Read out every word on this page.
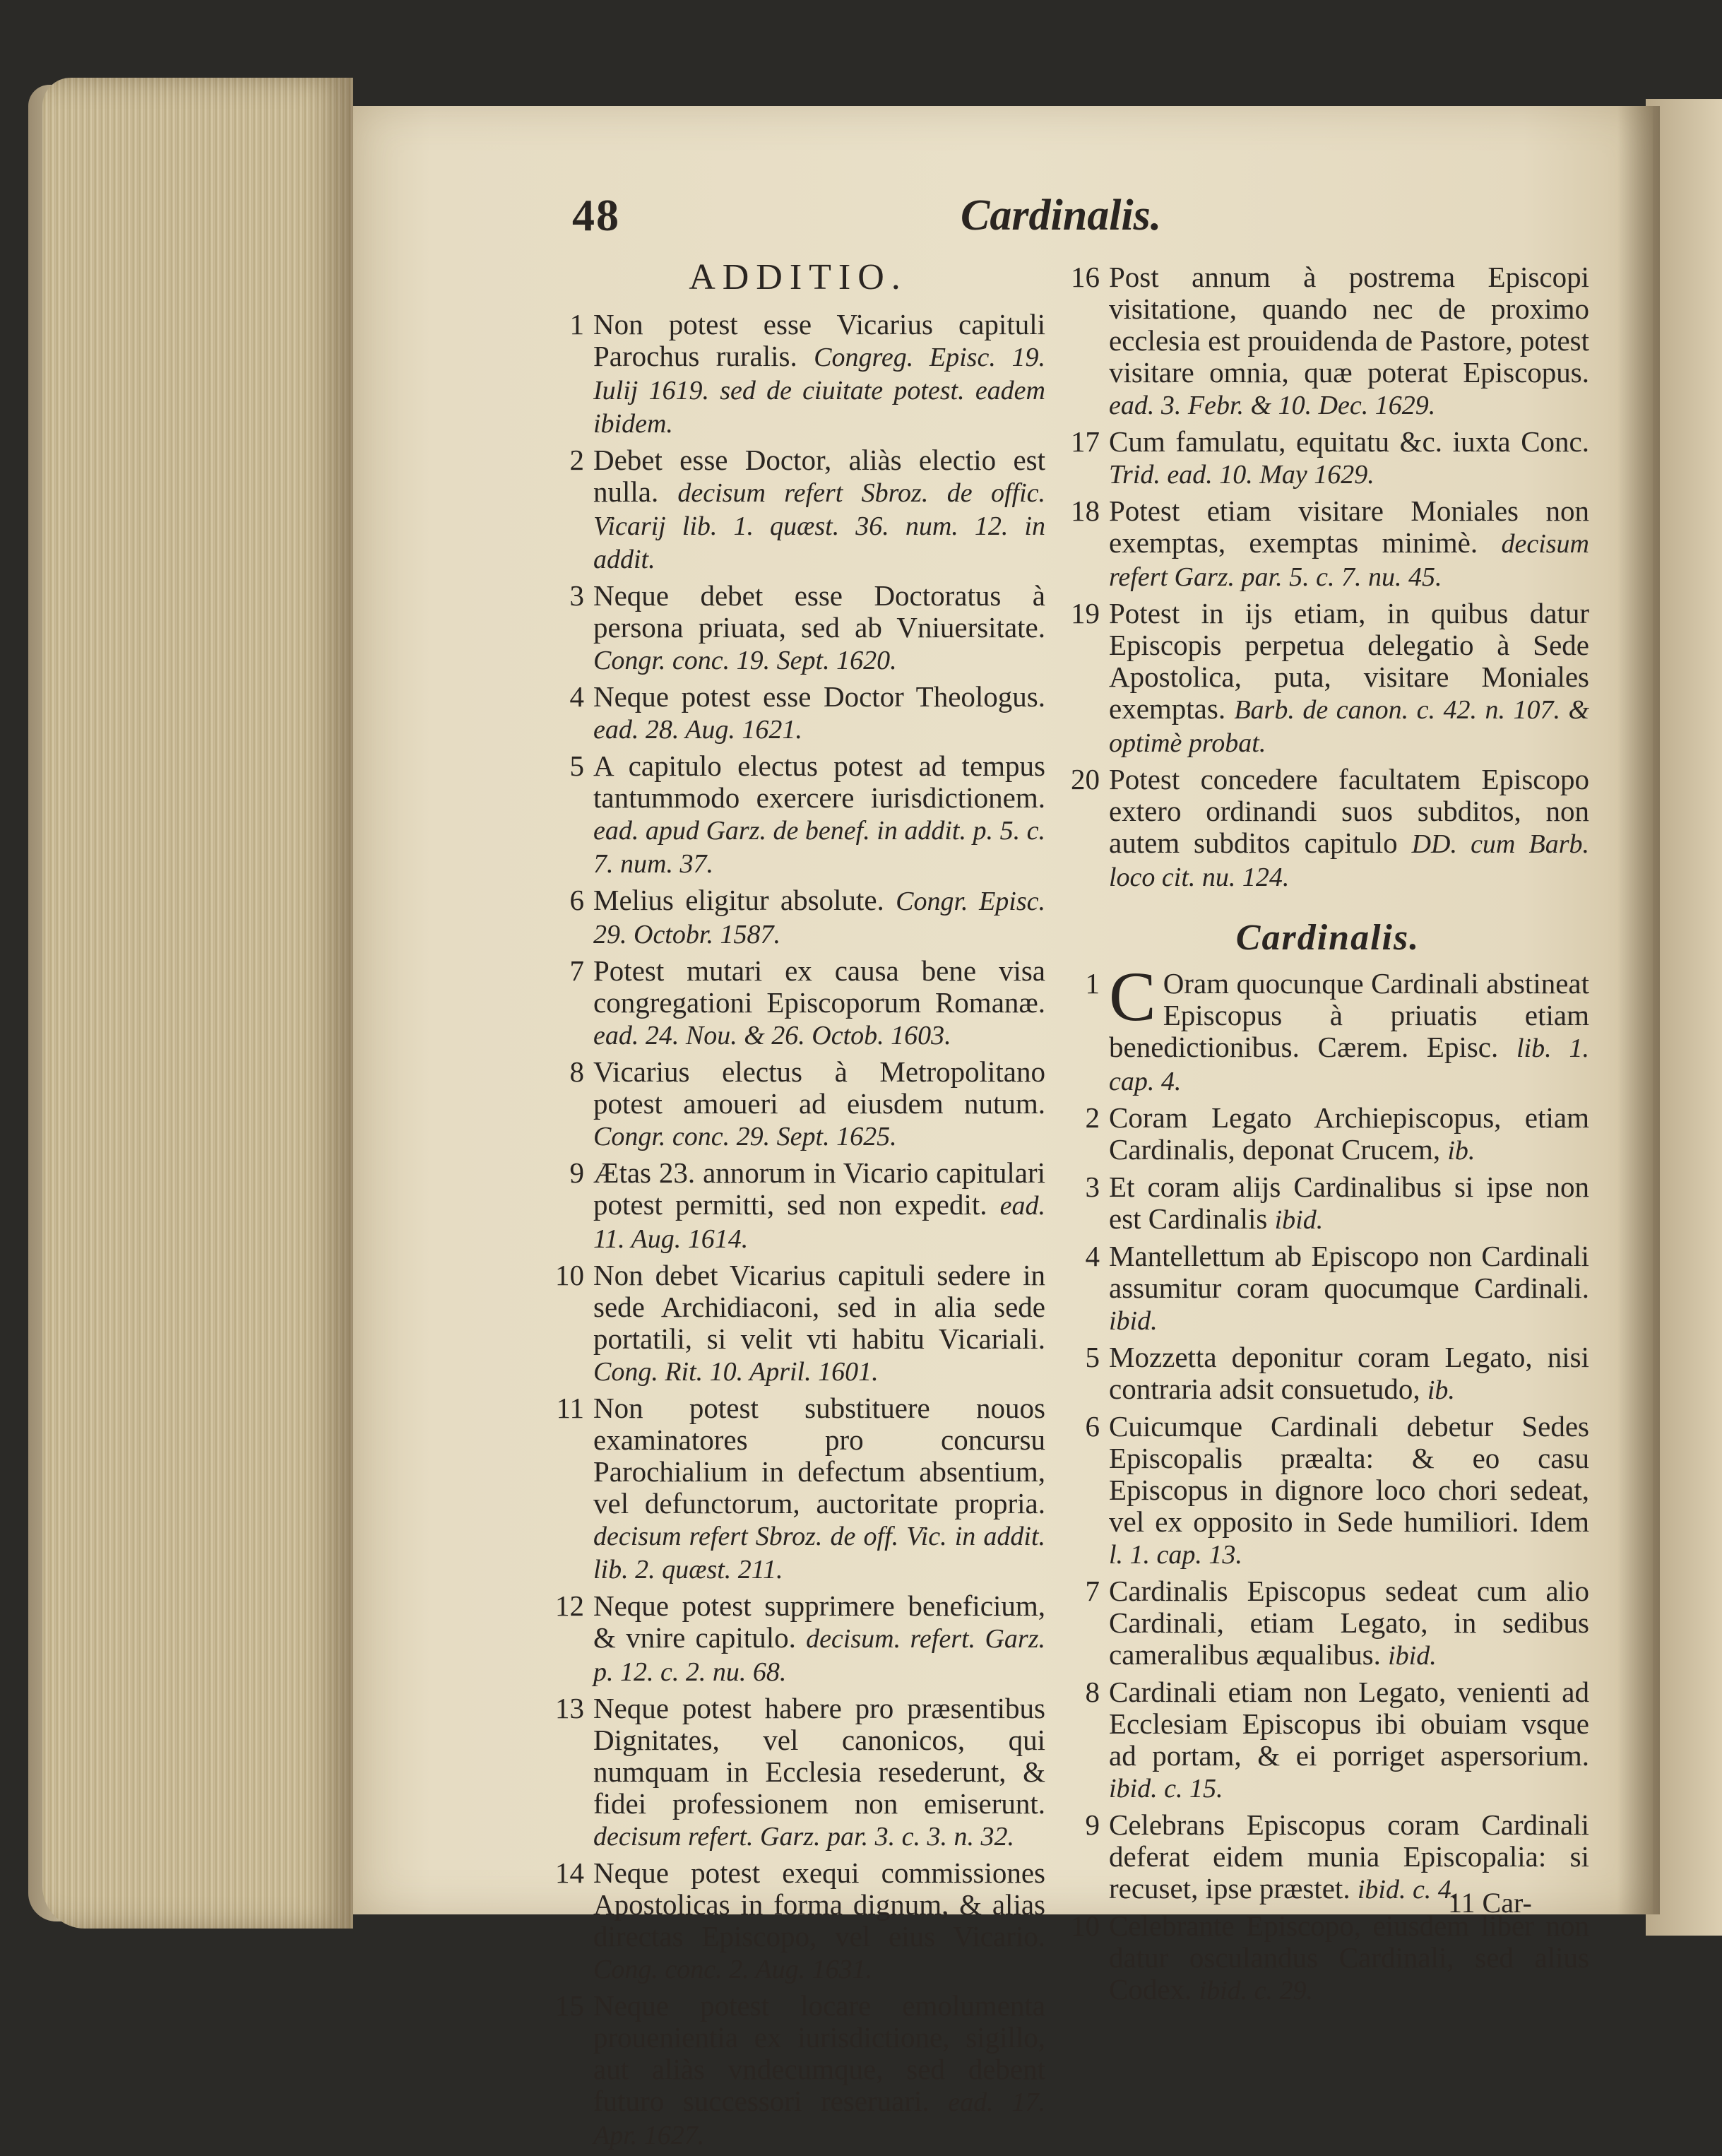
48	Cardinalis.
ADDITIO.
1 Non potest esse Vicarius capituli Parochus ruralis. Congreg. Episc. 19. Iulij 1619. sed de ciuitate potest. eadem ibidem.
2 Debet esse Doctor, aliàs electio est nulla. decisum refert Sbroz. de offic. Vicarij lib. 1. quæst. 36. num. 12. in addit.
3 Neque debet esse Doctoratus à persona priuata, sed ab Vniuersitate. Congr. conc. 19. Sept. 1620.
4 Neque potest esse Doctor Theologus. ead. 28. Aug. 1621.
5 A capitulo electus potest ad tempus tantummodo exercere iurisdictionem. ead. apud Garz. de benef. in addit. p. 5. c. 7. num. 37.
6 Melius eligitur absolute. Congr. Episc. 29. Octobr. 1587.
7 Potest mutari ex causa bene visa congregationi Episcoporum Romanæ. ead. 24. Nou. & 26. Octob. 1603.
8 Vicarius electus à Metropolitano potest amoueri ad eiusdem nutum. Congr. conc. 29. Sept. 1625.
9 Ætas 23. annorum in Vicario capitulari potest permitti, sed non expedit. ead. 11. Aug. 1614.
10 Non debet Vicarius capituli sedere in sede Archidiaconi, sed in alia sede portatili, si velit vti habitu Vicariali. Cong. Rit. 10. April. 1601.
11 Non potest substituere nouos examinatores pro concursu Parochialium in defectum absentium, vel defunctorum, auctoritate propria. decisum refert Sbroz. de off. Vic. in addit. lib. 2. quæst. 211.
12 Neque potest supprimere beneficium, & vnire capitulo. decisum. refert. Garz. p. 12. c. 2. nu. 68.
13 Neque potest habere pro præsentibus Dignitates, vel canonicos, qui numquam in Ecclesia resederunt, & fidei professionem non emiserunt. decisum refert. Garz. par. 3. c. 3. n. 32.
14 Neque potest exequi commissiones Apostolicas in forma dignum, & alias directas Episcopo, vel eius Vicario. Cong. conc. 2. Aug. 1631.
15 Neque potest locare emolumenta prouenientia ex iurisdictione, sigillo, aut aliàs vndecumque, sed debent futuro successori reseruari. ead. 17. Apr. 1627.
16 Post annum à postrema Episcopi visitatione, quando nec de proximo ecclesia est prouidenda de Pastore, potest visitare omnia, quæ poterat Episcopus. ead. 3. Febr. & 10. Dec. 1629.
17 Cum famulatu, equitatu &c. iuxta Conc. Trid. ead. 10. May 1629.
18 Potest etiam visitare Moniales non exemptas, exemptas minimè. decisum refert Garz. par. 5. c. 7. nu. 45.
19 Potest in ijs etiam, in quibus datur Episcopis perpetua delegatio à Sede Apostolica, puta, visitare Moniales exemptas. Barb. de canon. c. 42. n. 107. & optimè probat.
20 Potest concedere facultatem Episcopo extero ordinandi suos subditos, non autem subditos capitulo DD. cum Barb. loco cit. nu. 124.
Cardinalis.
1 C Oram quocunque Cardinali abstineat Episcopus à priuatis etiam benedictionibus. Cærem. Episc. lib. 1. cap. 4.
2 Coram Legato Archiepiscopus, etiam Cardinalis, deponat Crucem, ib.
3 Et coram alijs Cardinalibus si ipse non est Cardinalis ibid.
4 Mantellettum ab Episcopo non Cardinali assumitur coram quocumque Cardinali. ibid.
5 Mozzetta deponitur coram Legato, nisi contraria adsit consuetudo, ib.
6 Cuicumque Cardinali debetur Sedes Episcopalis præalta: & eo casu Episcopus in dignore loco chori sedeat, vel ex opposito in Sede humiliori. Idem l. 1. cap. 13.
7 Cardinalis Episcopus sedeat cum alio Cardinali, etiam Legato, in sedibus cameralibus æqualibus. ibid.
8 Cardinali etiam non Legato, venienti ad Ecclesiam Episcopus ibi obuiam vsque ad portam, & ei porriget aspersorium. ibid. c. 15.
9 Celebrans Episcopus coram Cardinali deferat eidem munia Episcopalia: si recuset, ipse præstet. ibid. c. 4.
10 Celebrante Episcopo, eiusdem liber non datur osculandus Cardinali, sed alius Codex. ibid. c. 29.
11 Car-
